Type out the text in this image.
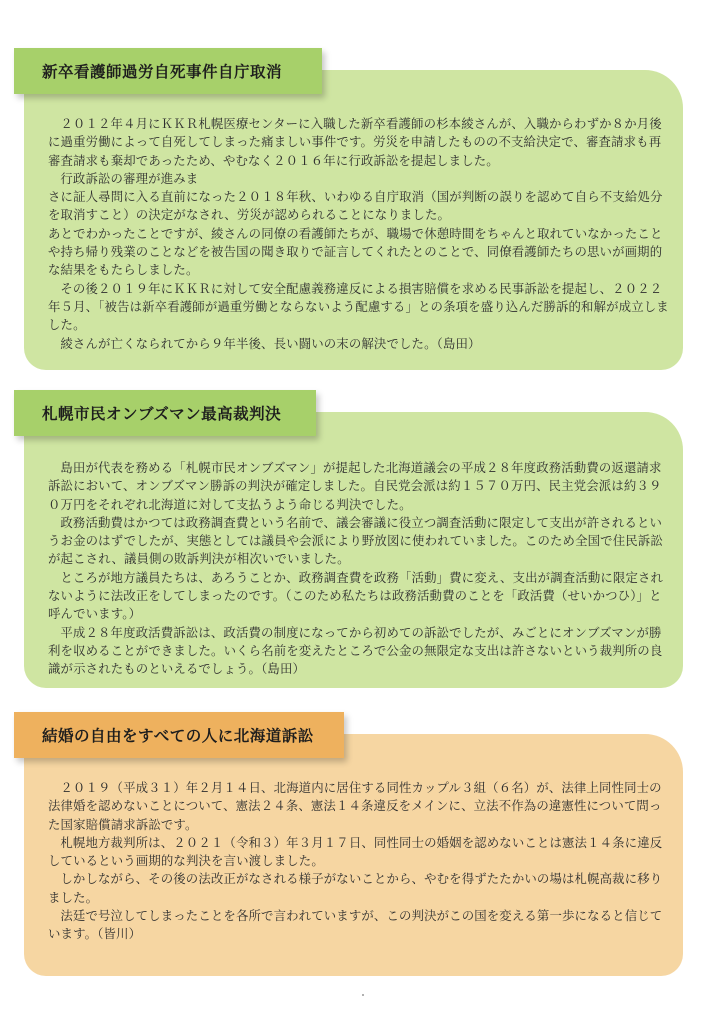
新卒看護師過労自死事件自庁取消

２０１２年４月にＫＫＲ札幌医療センターに入職した新卒看護師の杉本綾さんが、入職からわずか８か月後に過重労働によって自死してしまった痛ましい事件です。労災を申請したものの不支給決定で、審査請求も再審査請求も棄却であったため、やむなく２０１６年に行政訴訟を提起しました。

行政訴訟の審理が進みま

さに証人尋問に入る直前になった２０１８年秋、いわゆる自庁取消（国が判断の誤りを認めて自ら不支給処分を取消すこと）の決定がなされ、労災が認められることになりました。

あとでわかったことですが、綾さんの同僚の看護師たちが、職場で休憩時間をちゃんと取れていなかったことや持ち帰り残業のことなどを被告国の聞き取りで証言してくれたとのことで、同僚看護師たちの思いが画期的な結果をもたらしました。

その後２０１９年にＫＫＲに対して安全配慮義務違反による損害賠償を求める民事訴訟を提起し、２０２２年５月、「被告は新卒看護師が過重労働とならないよう配慮する」との条項を盛り込んだ勝訴的和解が成立しました。

綾さんが亡くなられてから９年半後、長い闘いの末の解決でした。（島田）

札幌市民オンブズマン最高裁判決

島田が代表を務める「札幌市民オンブズマン」が提起した北海道議会の平成２８年度政務活動費の返還請求訴訟において、オンブズマン勝訴の判決が確定しました。自民党会派は約１５７０万円、民主党会派は約３９０万円をそれぞれ北海道に対して支払うよう命じる判決でした。

政務活動費はかつては政務調査費という名前で、議会審議に役立つ調査活動に限定して支出が許されるというお金のはずでしたが、実態としては議員や会派により野放図に使われていました。このため全国で住民訴訟が起こされ、議員側の敗訴判決が相次いでいました。

ところが地方議員たちは、あろうことか、政務調査費を政務「活動」費に変え、支出が調査活動に限定されないように法改正をしてしまったのです。（このため私たちは政務活動費のことを「政活費（せいかつひ）」と呼んでいます。）

平成２８年度政活費訴訟は、政活費の制度になってから初めての訴訟でしたが、みごとにオンブズマンが勝利を収めることができました。いくら名前を変えたところで公金の無限定な支出は許さないという裁判所の良識が示されたものといえるでしょう。（島田）

結婚の自由をすべての人に北海道訴訟

２０１９（平成３１）年２月１４日、北海道内に居住する同性カップル３組（６名）が、法律上同性同士の法律婚を認めないことについて、憲法２４条、憲法１４条違反をメインに、立法不作為の違憲性について問った国家賠償請求訴訟です。

札幌地方裁判所は、２０２１（令和３）年３月１７日、同性同士の婚姻を認めないことは憲法１４条に違反しているという画期的な判決を言い渡しました。

しかしながら、その後の法改正がなされる様子がないことから、やむを得ずたたかいの場は札幌高裁に移りました。

法廷で号泣してしまったことを各所で言われていますが、この判決がこの国を変える第一歩になると信じています。（皆川）
